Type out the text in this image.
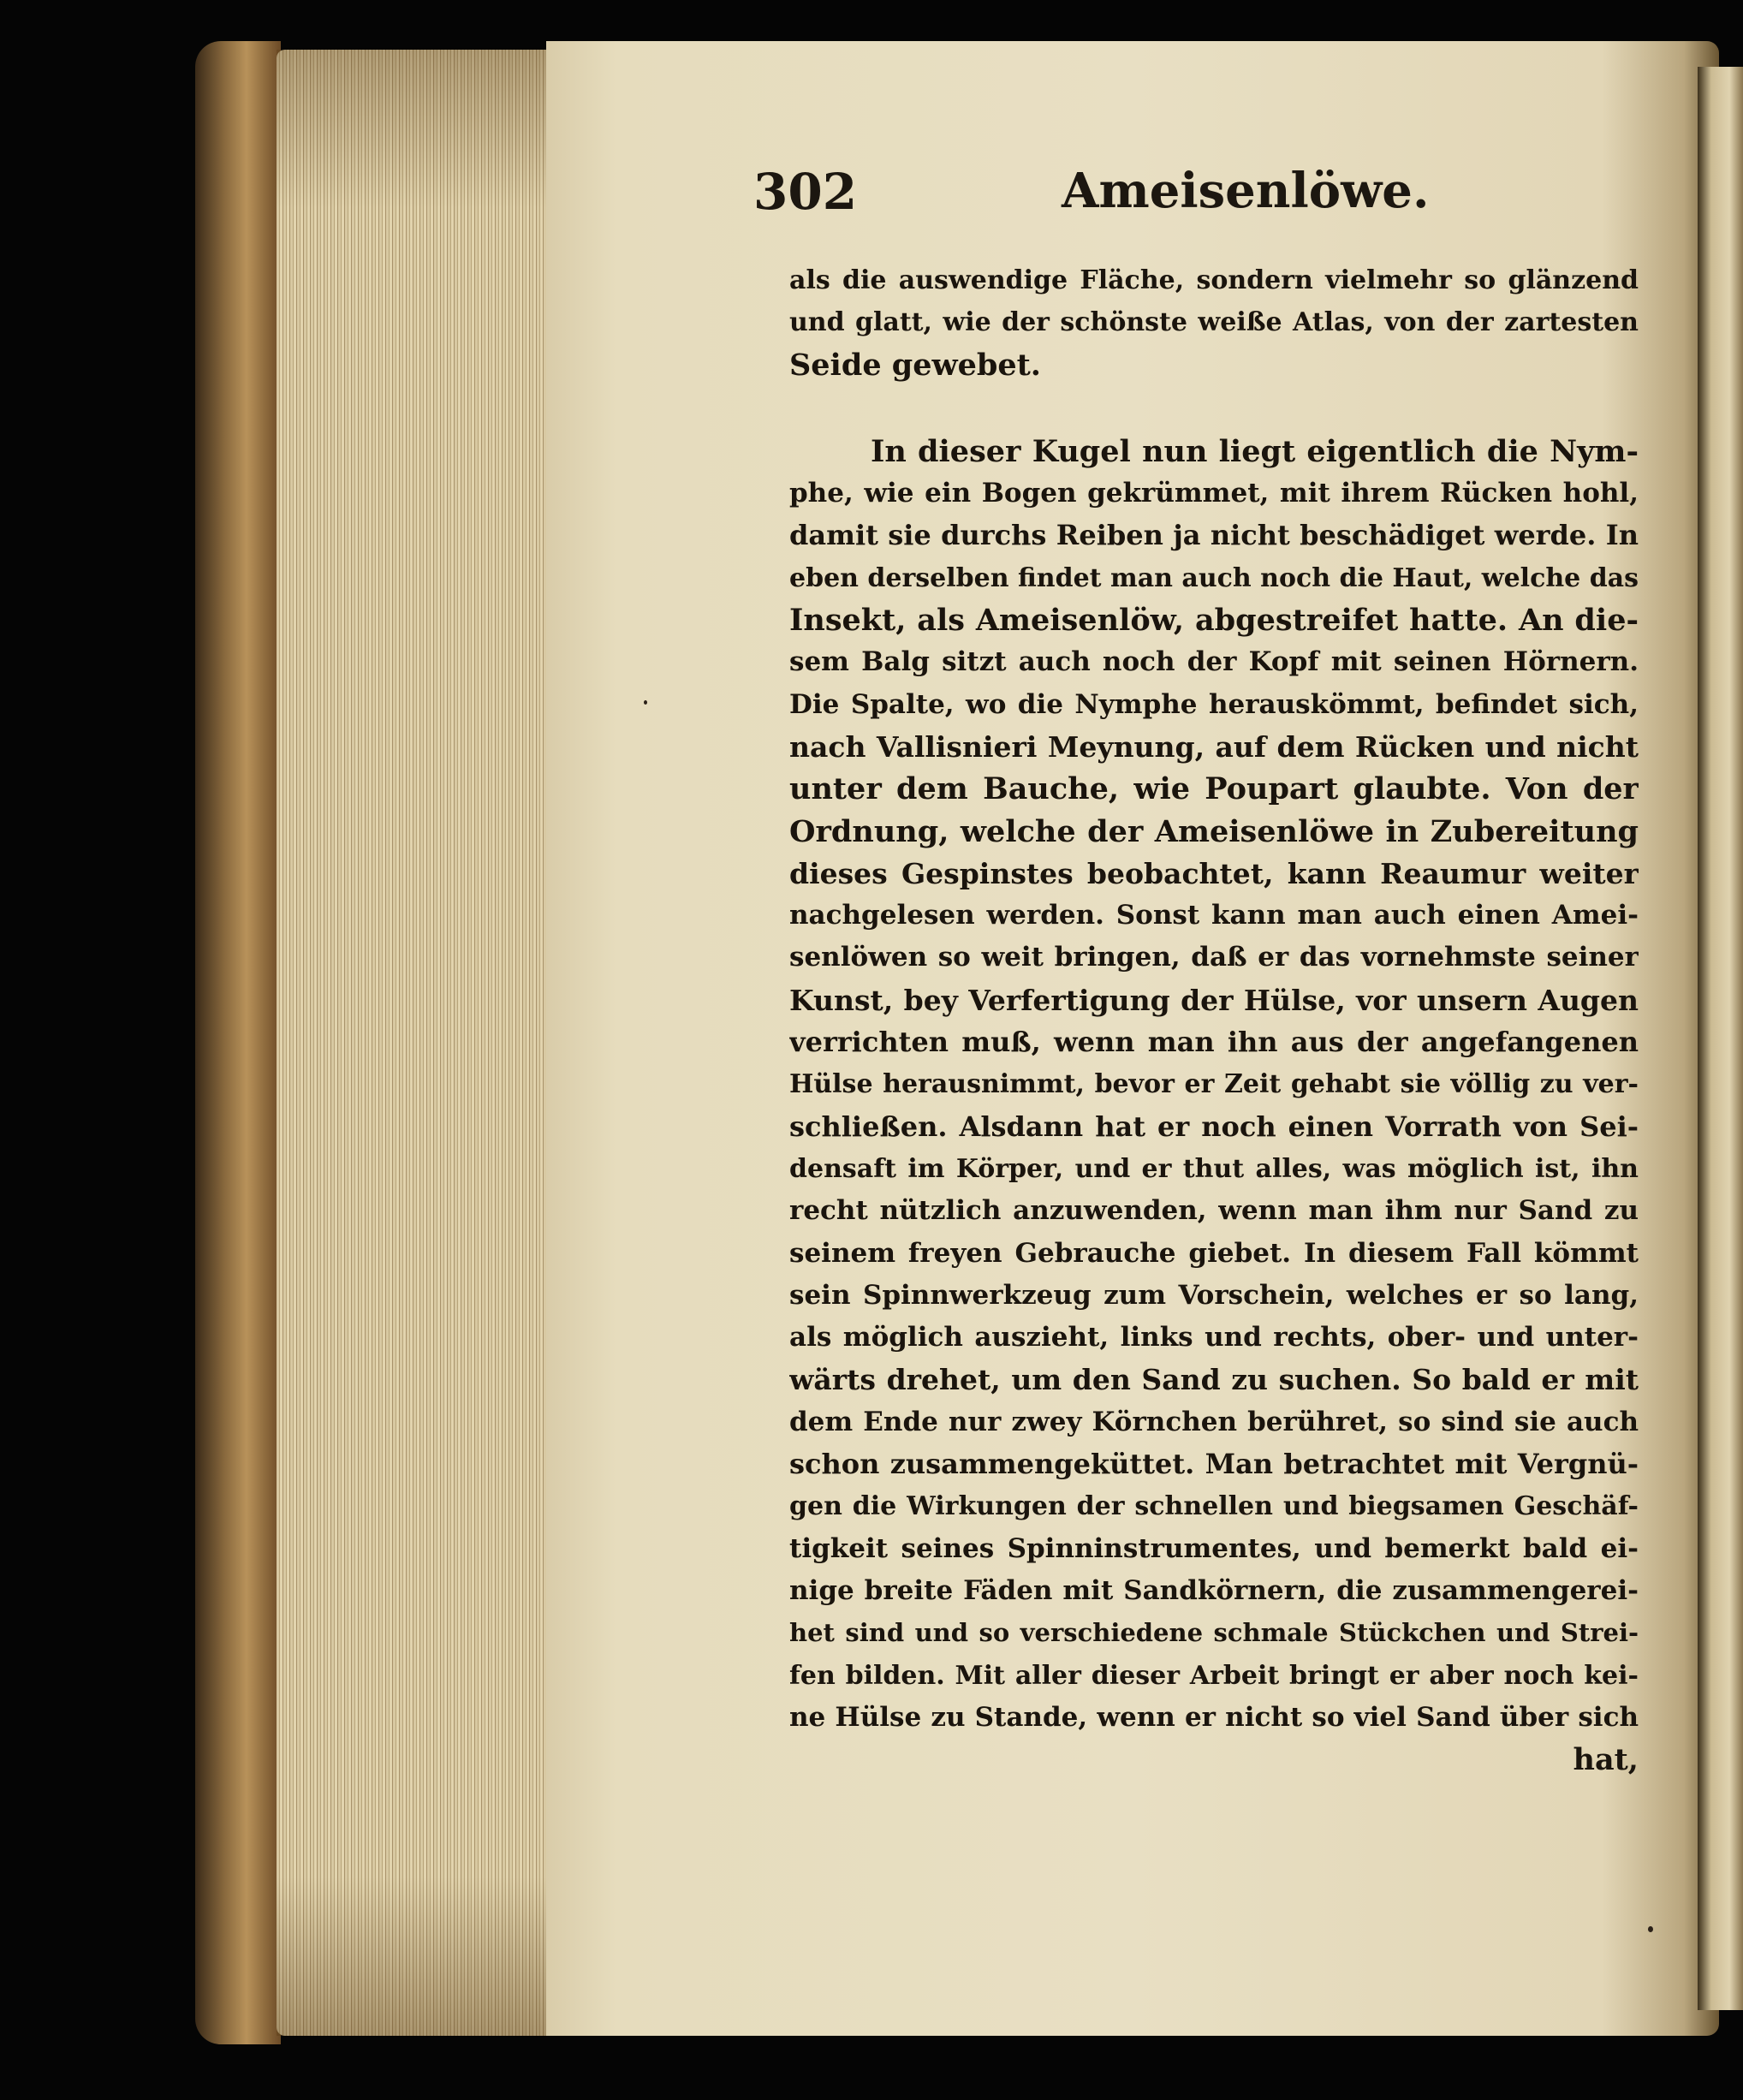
302	Ameisenlöwe.
als die auswendige Fläche, sondern vielmehr so glänzend
und glatt, wie der schönste weiße Atlas, von der zartesten
Seide gewebet.
In dieser Kugel nun liegt eigentlich die Nym-
phe, wie ein Bogen gekrümmet, mit ihrem Rücken hohl,
damit sie durchs Reiben ja nicht beschädiget werde. In
eben derselben findet man auch noch die Haut, welche das
Insekt, als Ameisenlöw, abgestreifet hatte. An die-
sem Balg sitzt auch noch der Kopf mit seinen Hörnern.
Die Spalte, wo die Nymphe herauskömmt, befindet sich,
nach Vallisnieri Meynung, auf dem Rücken und nicht
unter dem Bauche, wie Poupart glaubte. Von der
Ordnung, welche der Ameisenlöwe in Zubereitung
dieses Gespinstes beobachtet, kann Reaumur weiter
nachgelesen werden. Sonst kann man auch einen Amei-
senlöwen so weit bringen, daß er das vornehmste seiner
Kunst, bey Verfertigung der Hülse, vor unsern Augen
verrichten muß, wenn man ihn aus der angefangenen
Hülse herausnimmt, bevor er Zeit gehabt sie völlig zu ver-
schließen. Alsdann hat er noch einen Vorrath von Sei-
densaft im Körper, und er thut alles, was möglich ist, ihn
recht nützlich anzuwenden, wenn man ihm nur Sand zu
seinem freyen Gebrauche giebet. In diesem Fall kömmt
sein Spinnwerkzeug zum Vorschein, welches er so lang,
als möglich auszieht, links und rechts, ober- und unter-
wärts drehet, um den Sand zu suchen. So bald er mit
dem Ende nur zwey Körnchen berühret, so sind sie auch
schon zusammengeküttet. Man betrachtet mit Vergnü-
gen die Wirkungen der schnellen und biegsamen Geschäf-
tigkeit seines Spinninstrumentes, und bemerkt bald ei-
nige breite Fäden mit Sandkörnern, die zusammengerei-
het sind und so verschiedene schmale Stückchen und Strei-
fen bilden. Mit aller dieser Arbeit bringt er aber noch kei-
ne Hülse zu Stande, wenn er nicht so viel Sand über sich
hat,
